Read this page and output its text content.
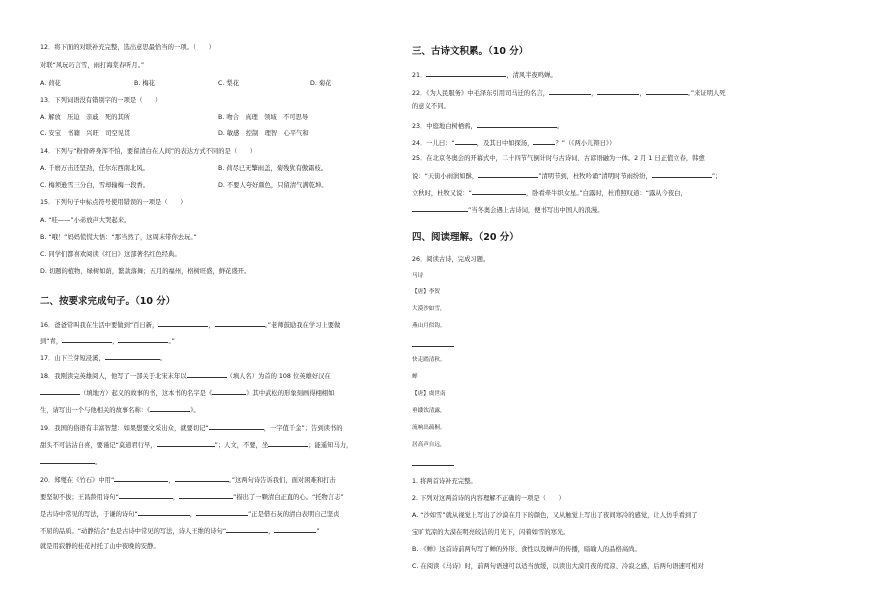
12．将下面的对联补充完整，选出意思最恰当的一项。（　　）
对联“风玩巧言雪，雨打海棠春听月。”
A. 荷花	B. 梅花	C. 梨花	D. 菊花
13．下列词语没有错别字的一项是（　　）
A. 解放　压迫　亲戚　死的其所	B. 吻合　真理　领域　不可思导
C. 安宝　书籍　兴旺　司空见贯	D. 敏感　控制　理智　心平气和
14．下列与“粉骨碎身浑不怕，要留清白在人间”的表达方式不同的是（　　）
A. 千磨万击还坚劲，任尔东西南北风。	B. 荷尽已无擎雨盖，菊残犹有傲霜枝。
C. 梅须逊雪三分白，雪却输梅一段香。	D. 不要人夸好颜色，只留清气满乾坤。
15．下列句子中标点符号使用错误的一项是（　　）
A. “哇——”小弟放声大哭起来。
B. “哦！”妈妈慌慌大悟：“那当然了，这周末带你去玩。”
C. 同学们都喜欢阅读《红日》这部著名红色经典。
D. 切题的植物，绿树如荫，繁款落舞；五月的福州，格树旺盛，鲜花盛开。
二、按要求完成句子。（10 分）
16．爸爸常叫我在生活中要做到“百日新，	，	。”老师鼓励我在学习上要做
到“青，	，	。”
17．山下兰芽短浸溪，	。
18．我刚读完英雄阅人，他写了一部关于北宋末年以	（填人名）为首的 108 位英雄好汉在
（填地方）起义的故事的书，这本书的名字是《	》其中武松的形象刻画得栩栩如
生，请写出一个与他相关的故事名称：《	》。
19．我国的俗语有丰富智慧：如果想要文采出众，就要切记“	，一字值千金”；告到读书的
甜头不可沾沾自喜，要谨记“莫道君行早，	”；人文，不要，坐	；能遥知马力，
。
20．郑燮在《竹石》中用“	，	。”这两句诗告诉我们，面对困难和打击
要坚韧不拔；王昌龄用诗句“	，	”描出了一颗清白正直的心。“托物言志”
是古诗中常见的写法，于谦的诗句“	，	”正是借石灰的清白表明自己坚贞
不屈的品质。“动静结合”也是古诗中常见的写法，诗人王维的诗句“	，	”
就是用寂静的桂花衬托了山中夜晚的安静。
三、古诗文积累。（10 分）
21．	，清风半夜鸣蝉。
22．《为人民服务》中毛泽东引用司马迁的名言，	，	，	。”来证明人死
的意义不同。
23．中庭地白树栖鸦，	。
24．一儿曰：“	，及其日中如探汤，	？”（《两小儿辩日》）
25．在北京冬奥会的开幕式中，二十四节气倒计时与古诗词、古谚语融为一体。2 月 1 日正值立春，韩愈
说：“天街小雨润如酥，	”清明节到，杜牧吟诵“清明时节雨纷纷，	”；
立秋时，杜牧又说：“	，卧看牵牛织女星。”白露时，杜甫照叹道：“露从今夜白，
”当冬奥会遇上古诗词，便书写出中国人的浪漫。
四、阅读理解。（20 分）
26．阅读古诗，完成习题。
马诗
【唐】李贺
大漠沙如雪，
燕山月似钩。
快走踏清秋。
蝉
【唐】虞世南
垂緌饮清露，
流响出疏桐。
居高声自远，
1. 将两首诗补充完整。
2. 下列对这两首诗的内容理解不正确的一项是（　　）
A. “沙如雪”就从视觉上写出了沙漠在月下的颜色，又从触觉上写出了夜间寒冷的感觉，让人仿乎看到了
宝旷荒凉的大漠在明亮皎洁的月光下，闪着如雪的寒光。
B. 《蝉》这首诗前两句写了蝉的外形、食性以及蝉声的传播，暗喻人的品格高尚。
C. 在阅读《马诗》时，前两句语速可以适当放缓，以读出大漠月夜的荒凉、冷寂之感，后两句语速可相对
